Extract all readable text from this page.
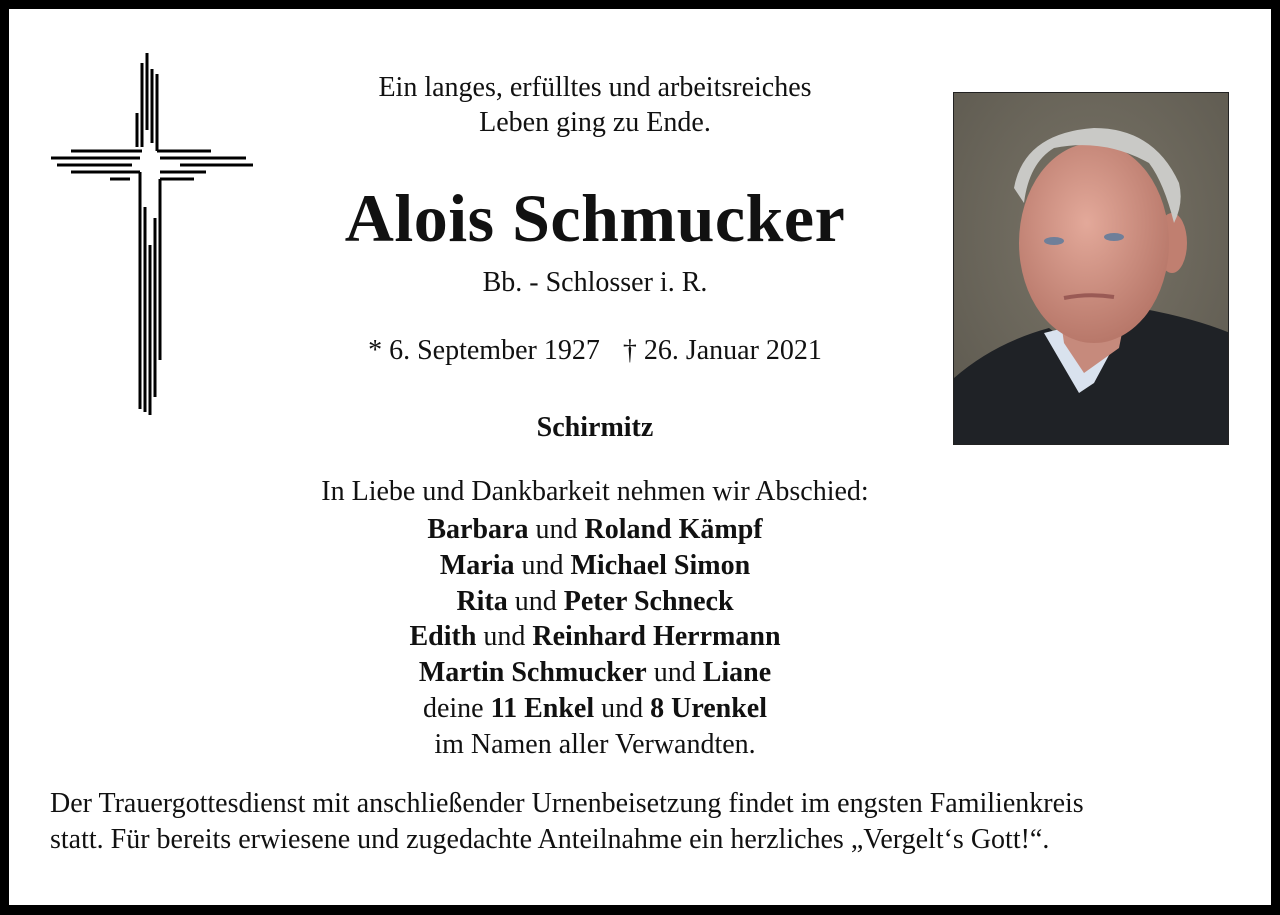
Ein langes, erfülltes und arbeitsreiches
Leben ging zu Ende.
Alois Schmucker
Bb. - Schlosser i. R.
* 6. September 1927 † 26. Januar 2021
Schirmitz
In Liebe und Dankbarkeit nehmen wir Abschied:
Barbara und Roland Kämpf
Maria und Michael Simon
Rita und Peter Schneck
Edith und Reinhard Herrmann
Martin Schmucker und Liane
deine 11 Enkel und 8 Urenkel
im Namen aller Verwandten.
Der Trauergottesdienst mit anschließender Urnenbeisetzung findet im engsten Familienkreis
statt. Für bereits erwiesene und zugedachte Anteilnahme ein herzliches „Vergelt‘s Gott!“.
